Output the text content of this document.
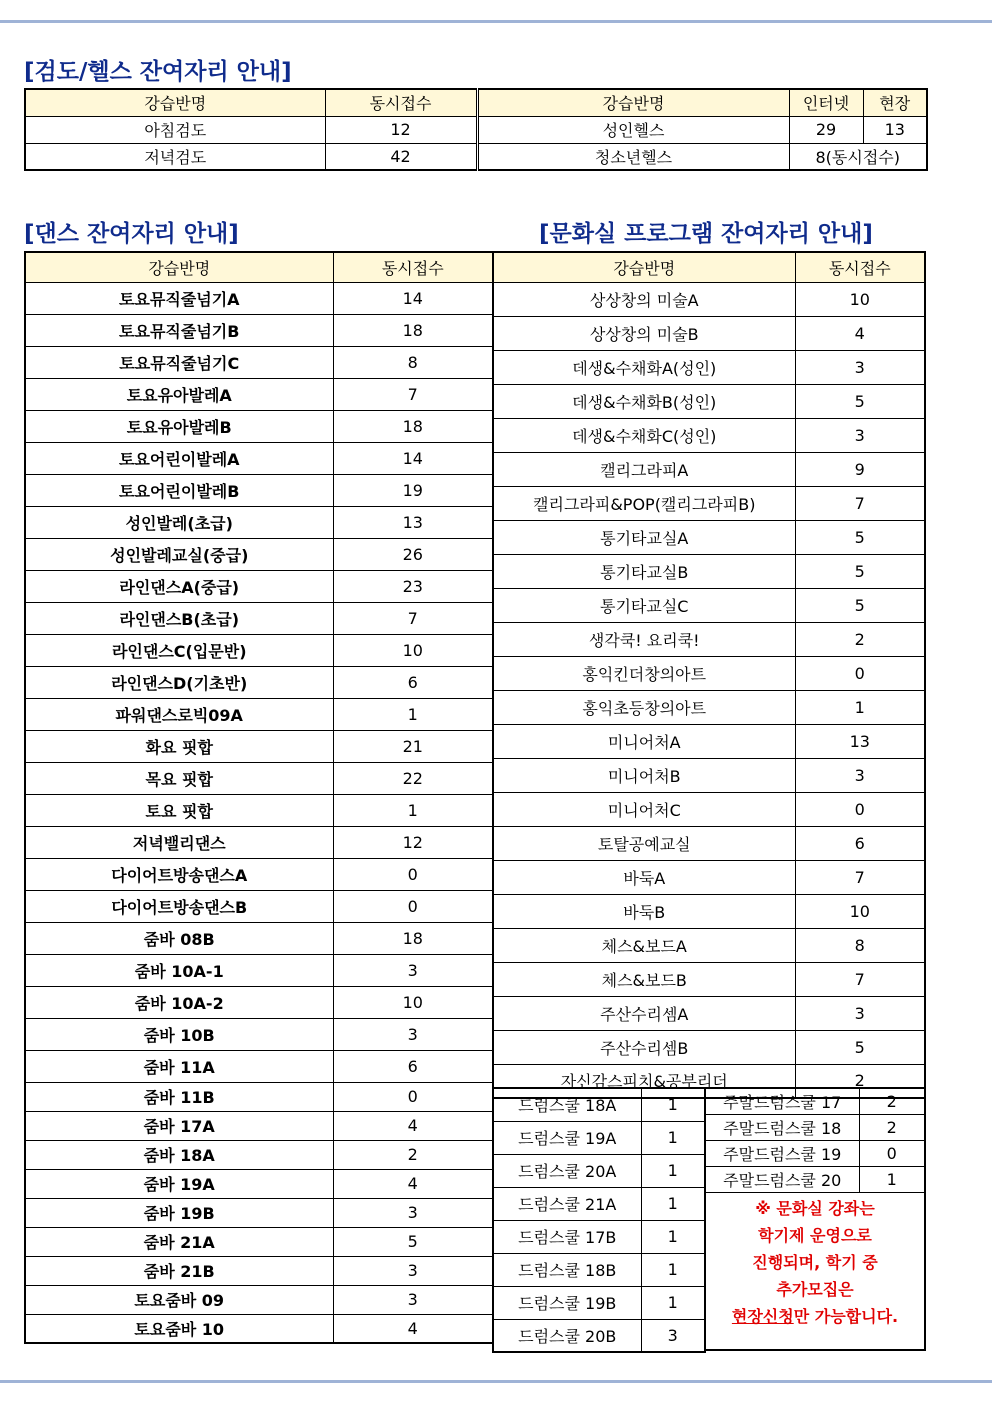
[검도/헬스 잔여자리 안내]
강습반명	동시접수	강습반명	인터넷	현장
아침검도	12	성인헬스	29	13
저녁검도	42	청소년헬스	8(동시접수)	
[댄스 잔여자리 안내]	[문화실 프로그램 잔여자리 안내]
강습반명	동시접수
토요뮤직줄넘기A	14
토요뮤직줄넘기B	18
토요뮤직줄넘기C	8
토요유아발레A	7
토요유아발레B	18
토요어린이발레A	14
토요어린이발레B	19
성인발레(초급)	13
성인발레교실(중급)	26
라인댄스A(중급)	23
라인댄스B(초급)	7
라인댄스C(입문반)	10
라인댄스D(기초반)	6
파워댄스로빅09A	1
화요 핏합	21
목요 핏합	22
토요 핏합	1
저녁밸리댄스	12
다이어트방송댄스A	0
다이어트방송댄스B	0
줌바 08B	18
줌바 10A-1	3
줌바 10A-2	10
줌바 10B	3
줌바 11A	6
줌바 11B	0
줌바 17A	4
줌바 18A	2
줌바 19A	4
줌바 19B	3
줌바 21A	5
줌바 21B	3
토요줌바 09	3
토요줌바 10	4
강습반명	동시접수
상상창의 미술A	10
상상창의 미술B	4
데생&수채화A(성인)	3
데생&수채화B(성인)	5
데생&수채화C(성인)	3
캘리그라피A	9
캘리그라피&POP(캘리그라피B)	7
통기타교실A	5
통기타교실B	5
통기타교실C	5
생각쿡! 요리쿡!	2
홍익킨더창의아트	0
홍익초등창의아트	1
미니어처A	13
미니어처B	3
미니어처C	0
토탈공예교실	6
바둑A	7
바둑B	10
체스&보드A	8
체스&보드B	7
주산수리셈A	3
주산수리셈B	5
자신감스피치&공부리더	2
드럼스쿨 18A	1
드럼스쿨 19A	1
드럼스쿨 20A	1
드럼스쿨 21A	1
드럼스쿨 17B	1
드럼스쿨 18B	1
드럼스쿨 19B	1
드럼스쿨 20B	3
주말드럼스쿨 17	2
주말드럼스쿨 18	2
주말드럼스쿨 19	0
주말드럼스쿨 20	1
※ 문화실 강좌는
학기제 운영으로
진행되며, 학기 중
추가모집은
현장신청만 가능합니다.	
